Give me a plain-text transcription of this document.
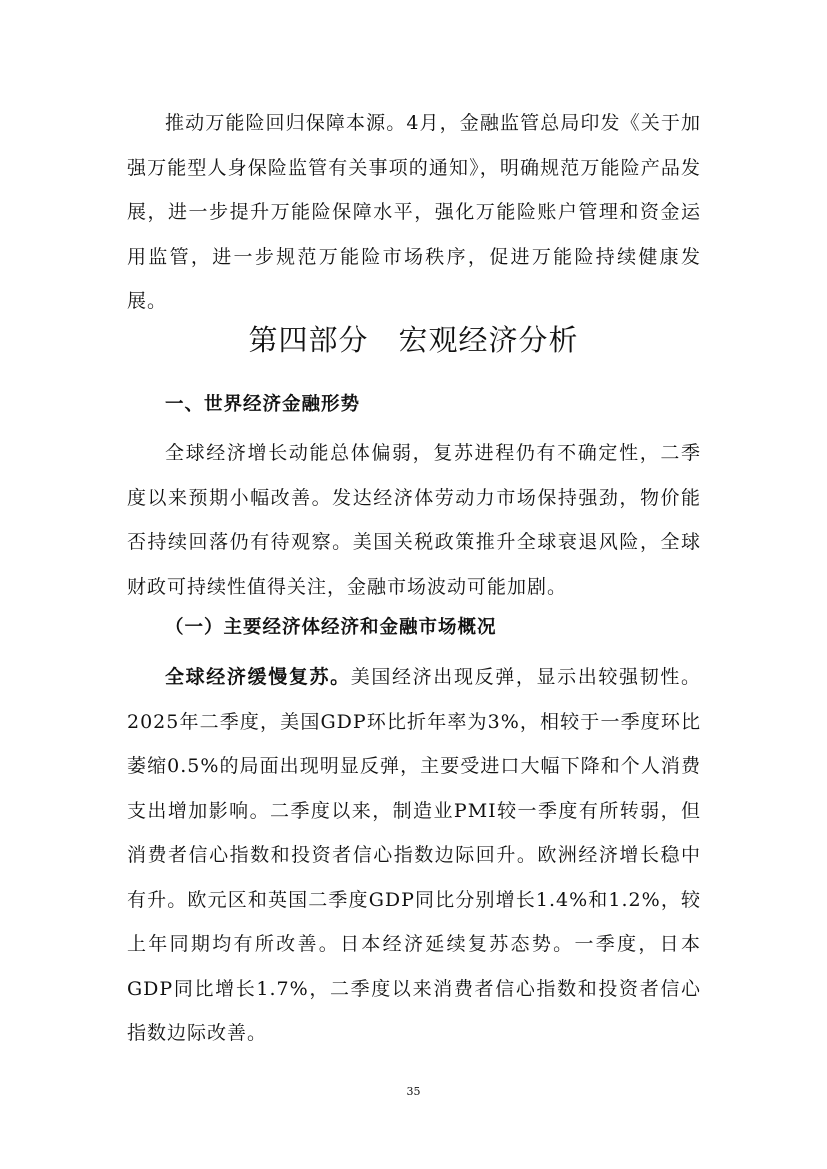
推动万能险回归保障本源。4月，金融监管总局印发《关于加强万能型人身保险监管有关事项的通知》，明确规范万能险产品发展，进一步提升万能险保障水平，强化万能险账户管理和资金运用监管，进一步规范万能险市场秩序，促进万能险持续健康发展。

第四部分　宏观经济分析
一、世界经济金融形势

全球经济增长动能总体偏弱，复苏进程仍有不确定性，二季度以来预期小幅改善。发达经济体劳动力市场保持强劲，物价能否持续回落仍有待观察。美国关税政策推升全球衰退风险，全球财政可持续性值得关注，金融市场波动可能加剧。

（一）主要经济体经济和金融市场概况

全球经济缓慢复苏。美国经济出现反弹，显示出较强韧性。2025年二季度，美国GDP环比折年率为3%，相较于一季度环比萎缩0.5%的局面出现明显反弹，主要受进口大幅下降和个人消费支出增加影响。二季度以来，制造业PMI较一季度有所转弱，但消费者信心指数和投资者信心指数边际回升。欧洲经济增长稳中有升。欧元区和英国二季度GDP同比分别增长1.4%和1.2%，较上年同期均有所改善。日本经济延续复苏态势。一季度，日本GDP同比增长1.7%，二季度以来消费者信心指数和投资者信心指数边际改善。

35
